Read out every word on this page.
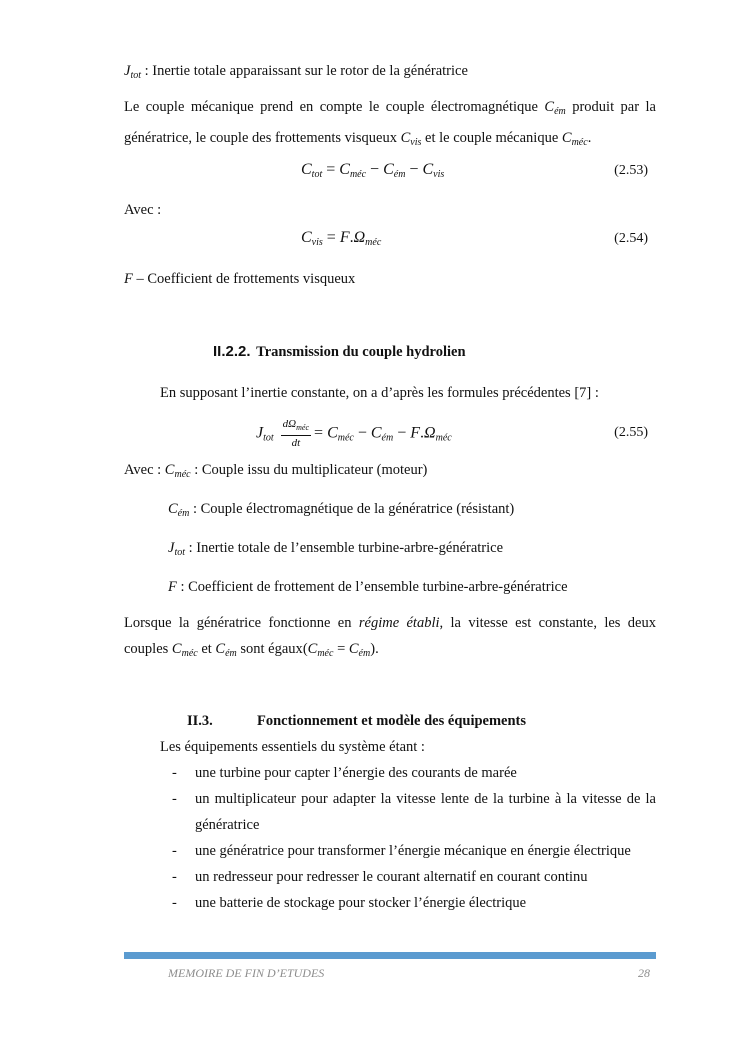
$J_{tot}$ : Inertie totale apparaissant sur le rotor de la génératrice

Le couple mécanique prend en compte le couple électromagnétique $C_{ém}$ produit par la génératrice, le couple des frottements visqueux $C_{vis}$ et le couple mécanique $C_{méc}$.

$C_{tot} = C_{méc} - C_{ém} - C_{vis}$	(2.53)

Avec :

$C_{vis} = F.\Omega_{méc}$	(2.54)

F – Coefficient de frottements visqueux

II.2.2. Transmission du couple hydrolien

En supposant l’inertie constante, on a d’après les formules précédentes [7] :

$J_{tot} \frac{d\Omega_{méc}}{dt} = C_{méc} - C_{ém} - F.\Omega_{méc}$	(2.55)

Avec : $C_{méc}$ : Couple issu du multiplicateur (moteur)

$C_{ém}$ : Couple électromagnétique de la génératrice (résistant)

$J_{tot}$ : Inertie totale de l’ensemble turbine-arbre-génératrice

F : Coefficient de frottement de l’ensemble turbine-arbre-génératrice

Lorsque la génératrice fonctionne en régime établi, la vitesse est constante, les deux couples $C_{méc}$ et $C_{ém}$ sont $égaux(C_{méc} = C_{ém})$.

II.3.	Fonctionnement et modèle des équipements

Les équipements essentiels du système étant :

- une turbine pour capter l’énergie des courants de marée

- un multiplicateur pour adapter la vitesse lente de la turbine à la vitesse de la

génératrice

- une génératrice pour transformer l’énergie mécanique en énergie électrique

- un redresseur pour redresser le courant alternatif en courant continu

- une batterie de stockage pour stocker l’énergie électrique

MEMOIRE DE FIN D’ETUDES	28
